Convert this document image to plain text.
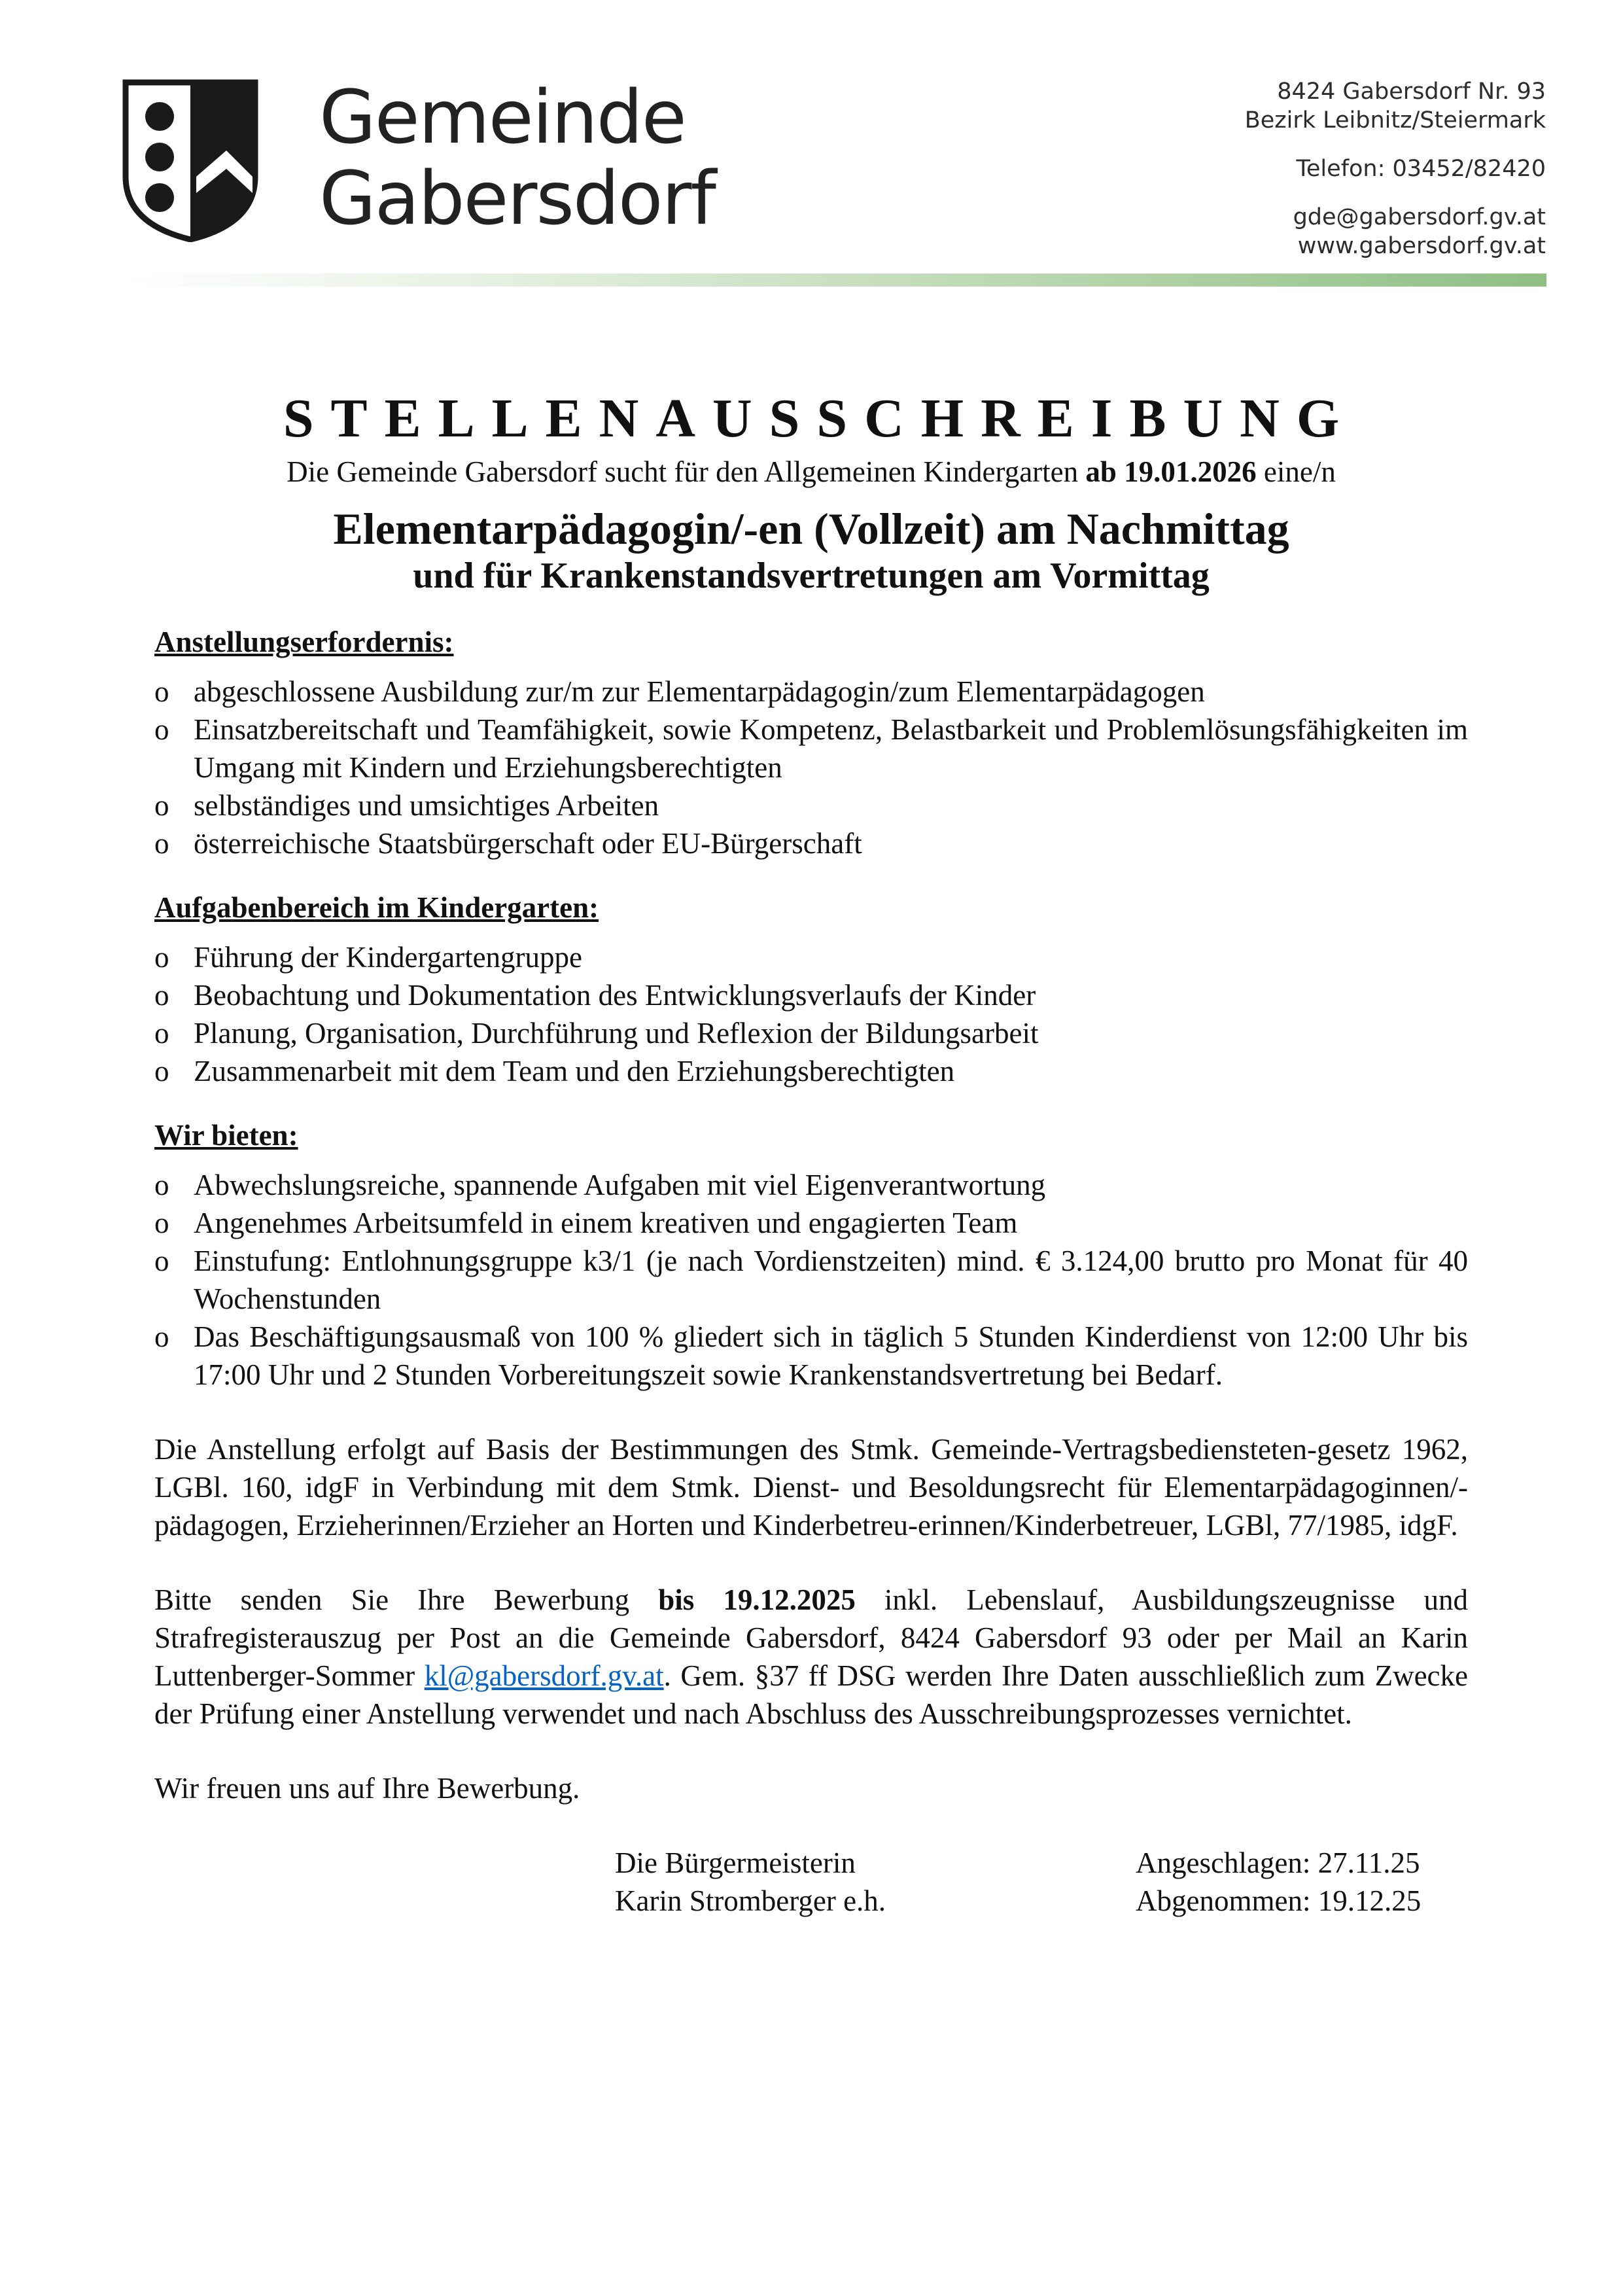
Gemeinde
Gabersdorf
8424 Gabersdorf Nr. 93
Bezirk Leibnitz/Steiermark
Telefon: 03452/82420
gde@gabersdorf.gv.at
www.gabersdorf.gv.at
STELLENAUSSCHREIBUNG
Die Gemeinde Gabersdorf sucht für den Allgemeinen Kindergarten ab 19.01.2026 eine/n
Elementarpädagogin/-en (Vollzeit) am Nachmittag
und für Krankenstandsvertretungen am Vormittag
Anstellungserfordernis:
o abgeschlossene Ausbildung zur/m zur Elementarpädagogin/zum Elementarpädagogen
o Einsatzbereitschaft und Teamfähigkeit, sowie Kompetenz, Belastbarkeit und Problemlösungsfähigkeiten im Umgang mit Kindern und Erziehungsberechtigten
o selbständiges und umsichtiges Arbeiten
o österreichische Staatsbürgerschaft oder EU-Bürgerschaft
Aufgabenbereich im Kindergarten:
o Führung der Kindergartengruppe
o Beobachtung und Dokumentation des Entwicklungsverlaufs der Kinder
o Planung, Organisation, Durchführung und Reflexion der Bildungsarbeit
o Zusammenarbeit mit dem Team und den Erziehungsberechtigten
Wir bieten:
o Abwechslungsreiche, spannende Aufgaben mit viel Eigenverantwortung
o Angenehmes Arbeitsumfeld in einem kreativen und engagierten Team
o Einstufung: Entlohnungsgruppe k3/1 (je nach Vordienstzeiten) mind. € 3.124,00 brutto pro Monat für 40 Wochenstunden
o Das Beschäftigungsausmaß von 100 % gliedert sich in täglich 5 Stunden Kinderdienst von 12:00 Uhr bis 17:00 Uhr und 2 Stunden Vorbereitungszeit sowie Krankenstandsvertretung bei Bedarf.
Die Anstellung erfolgt auf Basis der Bestimmungen des Stmk. Gemeinde-Vertragsbediensteten-gesetz 1962, LGBl. 160, idgF in Verbindung mit dem Stmk. Dienst- und Besoldungsrecht für Elementarpädagoginnen/-pädagogen, Erzieherinnen/Erzieher an Horten und Kinderbetreu-erinnen/Kinderbetreuer, LGBl, 77/1985, idgF.
Bitte senden Sie Ihre Bewerbung bis 19.12.2025 inkl. Lebenslauf, Ausbildungszeugnisse und Strafregisterauszug per Post an die Gemeinde Gabersdorf, 8424 Gabersdorf 93 oder per Mail an Karin Luttenberger-Sommer kl@gabersdorf.gv.at. Gem. §37 ff DSG werden Ihre Daten ausschließlich zum Zwecke der Prüfung einer Anstellung verwendet und nach Abschluss des Ausschreibungsprozesses vernichtet.
Wir freuen uns auf Ihre Bewerbung.
Die Bürgermeisterin
Karin Stromberger e.h.
Angeschlagen: 27.11.25
Abgenommen: 19.12.25
